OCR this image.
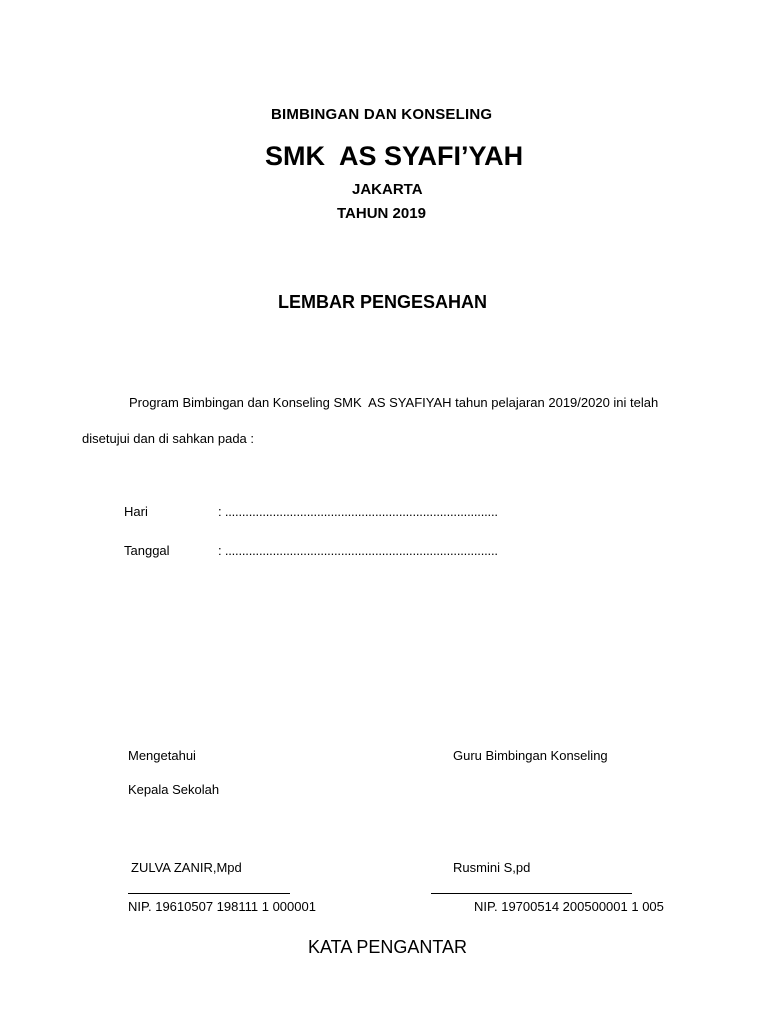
BIMBINGAN DAN KONSELING
SMK  AS SYAFI’YAH
JAKARTA
TAHUN 2019
LEMBAR PENGESAHAN
Program Bimbingan dan Konseling SMK  AS SYAFIYAH tahun pelajaran 2019/2020 ini telah
disetujui dan di sahkan pada :
Hari	: ................................................................................
Tanggal	: ................................................................................
Mengetahui
Kepala Sekolah
ZULVA ZANIR,Mpd
NIP. 19610507 198111 1 000001
Guru Bimbingan Konseling
Rusmini S,pd
NIP. 19700514 200500001 1 005
KATA PENGANTAR
